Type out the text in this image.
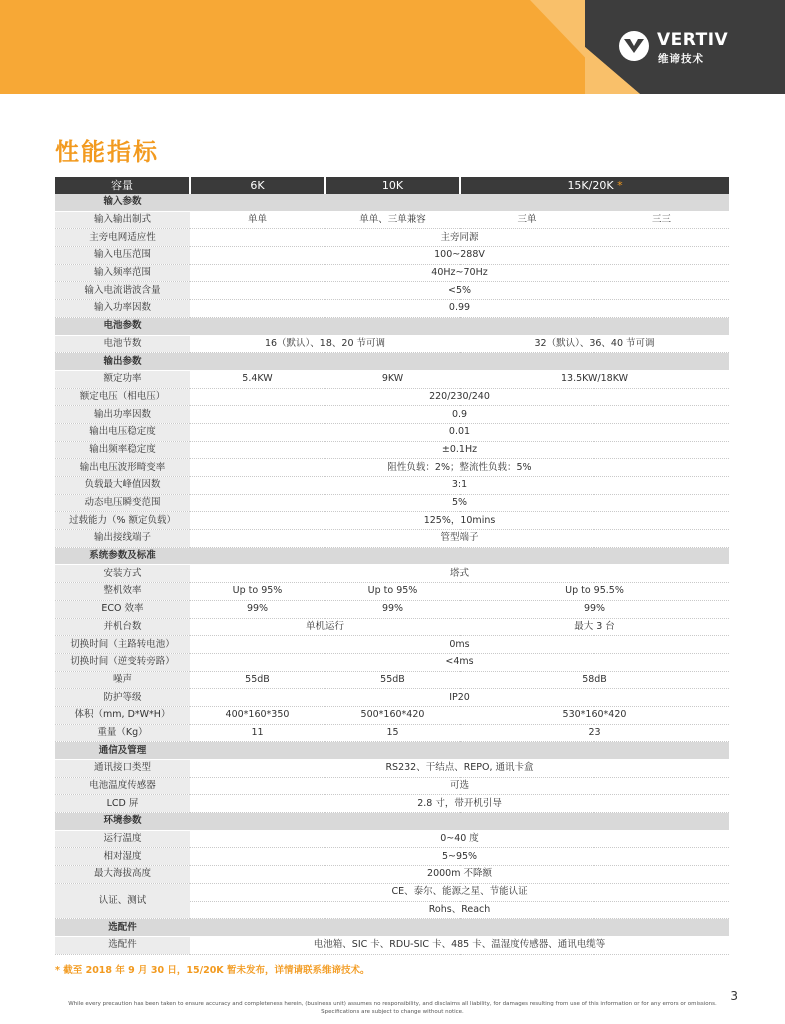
VERTIV
维谛技术
性能指标
容量	6K	10K	15K/20K *	
输入参数				
输入输出制式	单单	单单、三单兼容	三单	三三
主旁电网适应性	主旁同源			
输入电压范围	100~288V			
输入频率范围	40Hz~70Hz			
输入电流谐波含量	<5%			
输入功率因数	0.99			
电池参数				
电池节数	16（默认）、18、20 节可调		32（默认）、36、40 节可调	
输出参数				
额定功率	5.4KW	9KW	13.5KW/18KW	
额定电压（相电压）	220/230/240			
输出功率因数	0.9			
输出电压稳定度	0.01			
输出频率稳定度	±0.1Hz			
输出电压波形畸变率	阻性负载：2%；整流性负载：5%			
负载最大峰值因数	3:1			
动态电压瞬变范围	5%			
过载能力（% 额定负载）	125%，10mins			
输出接线端子	管型端子			
系统参数及标准				
安装方式	塔式			
整机效率	Up to 95%	Up to 95%	Up to 95.5%	
ECO 效率	99%	99%	99%	
并机台数	单机运行		最大 3 台	
切换时间（主路转电池）	0ms			
切换时间（逆变转旁路）	<4ms			
噪声	55dB	55dB	58dB	
防护等级	IP20			
体积（mm, D*W*H）	400*160*350	500*160*420	530*160*420	
重量（Kg）	11	15	23	
通信及管理				
通讯接口类型	RS232、干结点、REPO, 通讯卡盒			
电池温度传感器	可选			
LCD 屏	2.8 寸，带开机引导			
环境参数				
运行温度	0~40 度			
相对湿度	5~95%			
最大海拔高度	2000m 不降额			
认证、测试	CE、泰尔、能源之星、节能认证			
	Rohs、Reach			
选配件				
选配件	电池箱、SIC 卡、RDU-SIC 卡、485 卡、温湿度传感器、通讯电缆等			
* 截至 2018 年 9 月 30 日，15/20K 暂未发布，详情请联系维谛技术。
3
While every precaution has been taken to ensure accuracy and completeness herein, (business unit) assumes no responsibility, and disclaims all liability, for damages resulting from use of this information or for any errors or omissions.
Specifications are subject to change without notice.
